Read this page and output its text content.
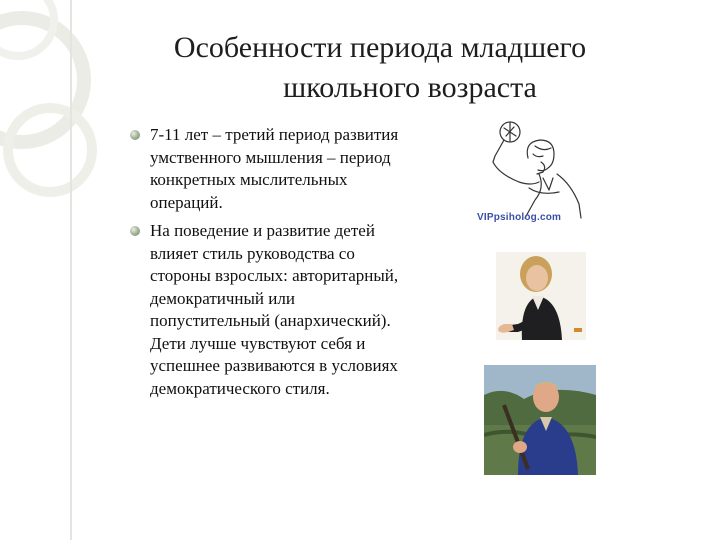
Особенности периода младшего
школьного возраста
7-11 лет – третий период развития умственного мышления – период конкретных мыслительных операций.
На поведение и развитие детей влияет стиль руководства со стороны взрослых: авторитарный, демократичный или попустительный (анархический). Дети лучше чувствуют себя и успешнее развиваются в условиях демократического стиля.
VIPpsiholog.com
